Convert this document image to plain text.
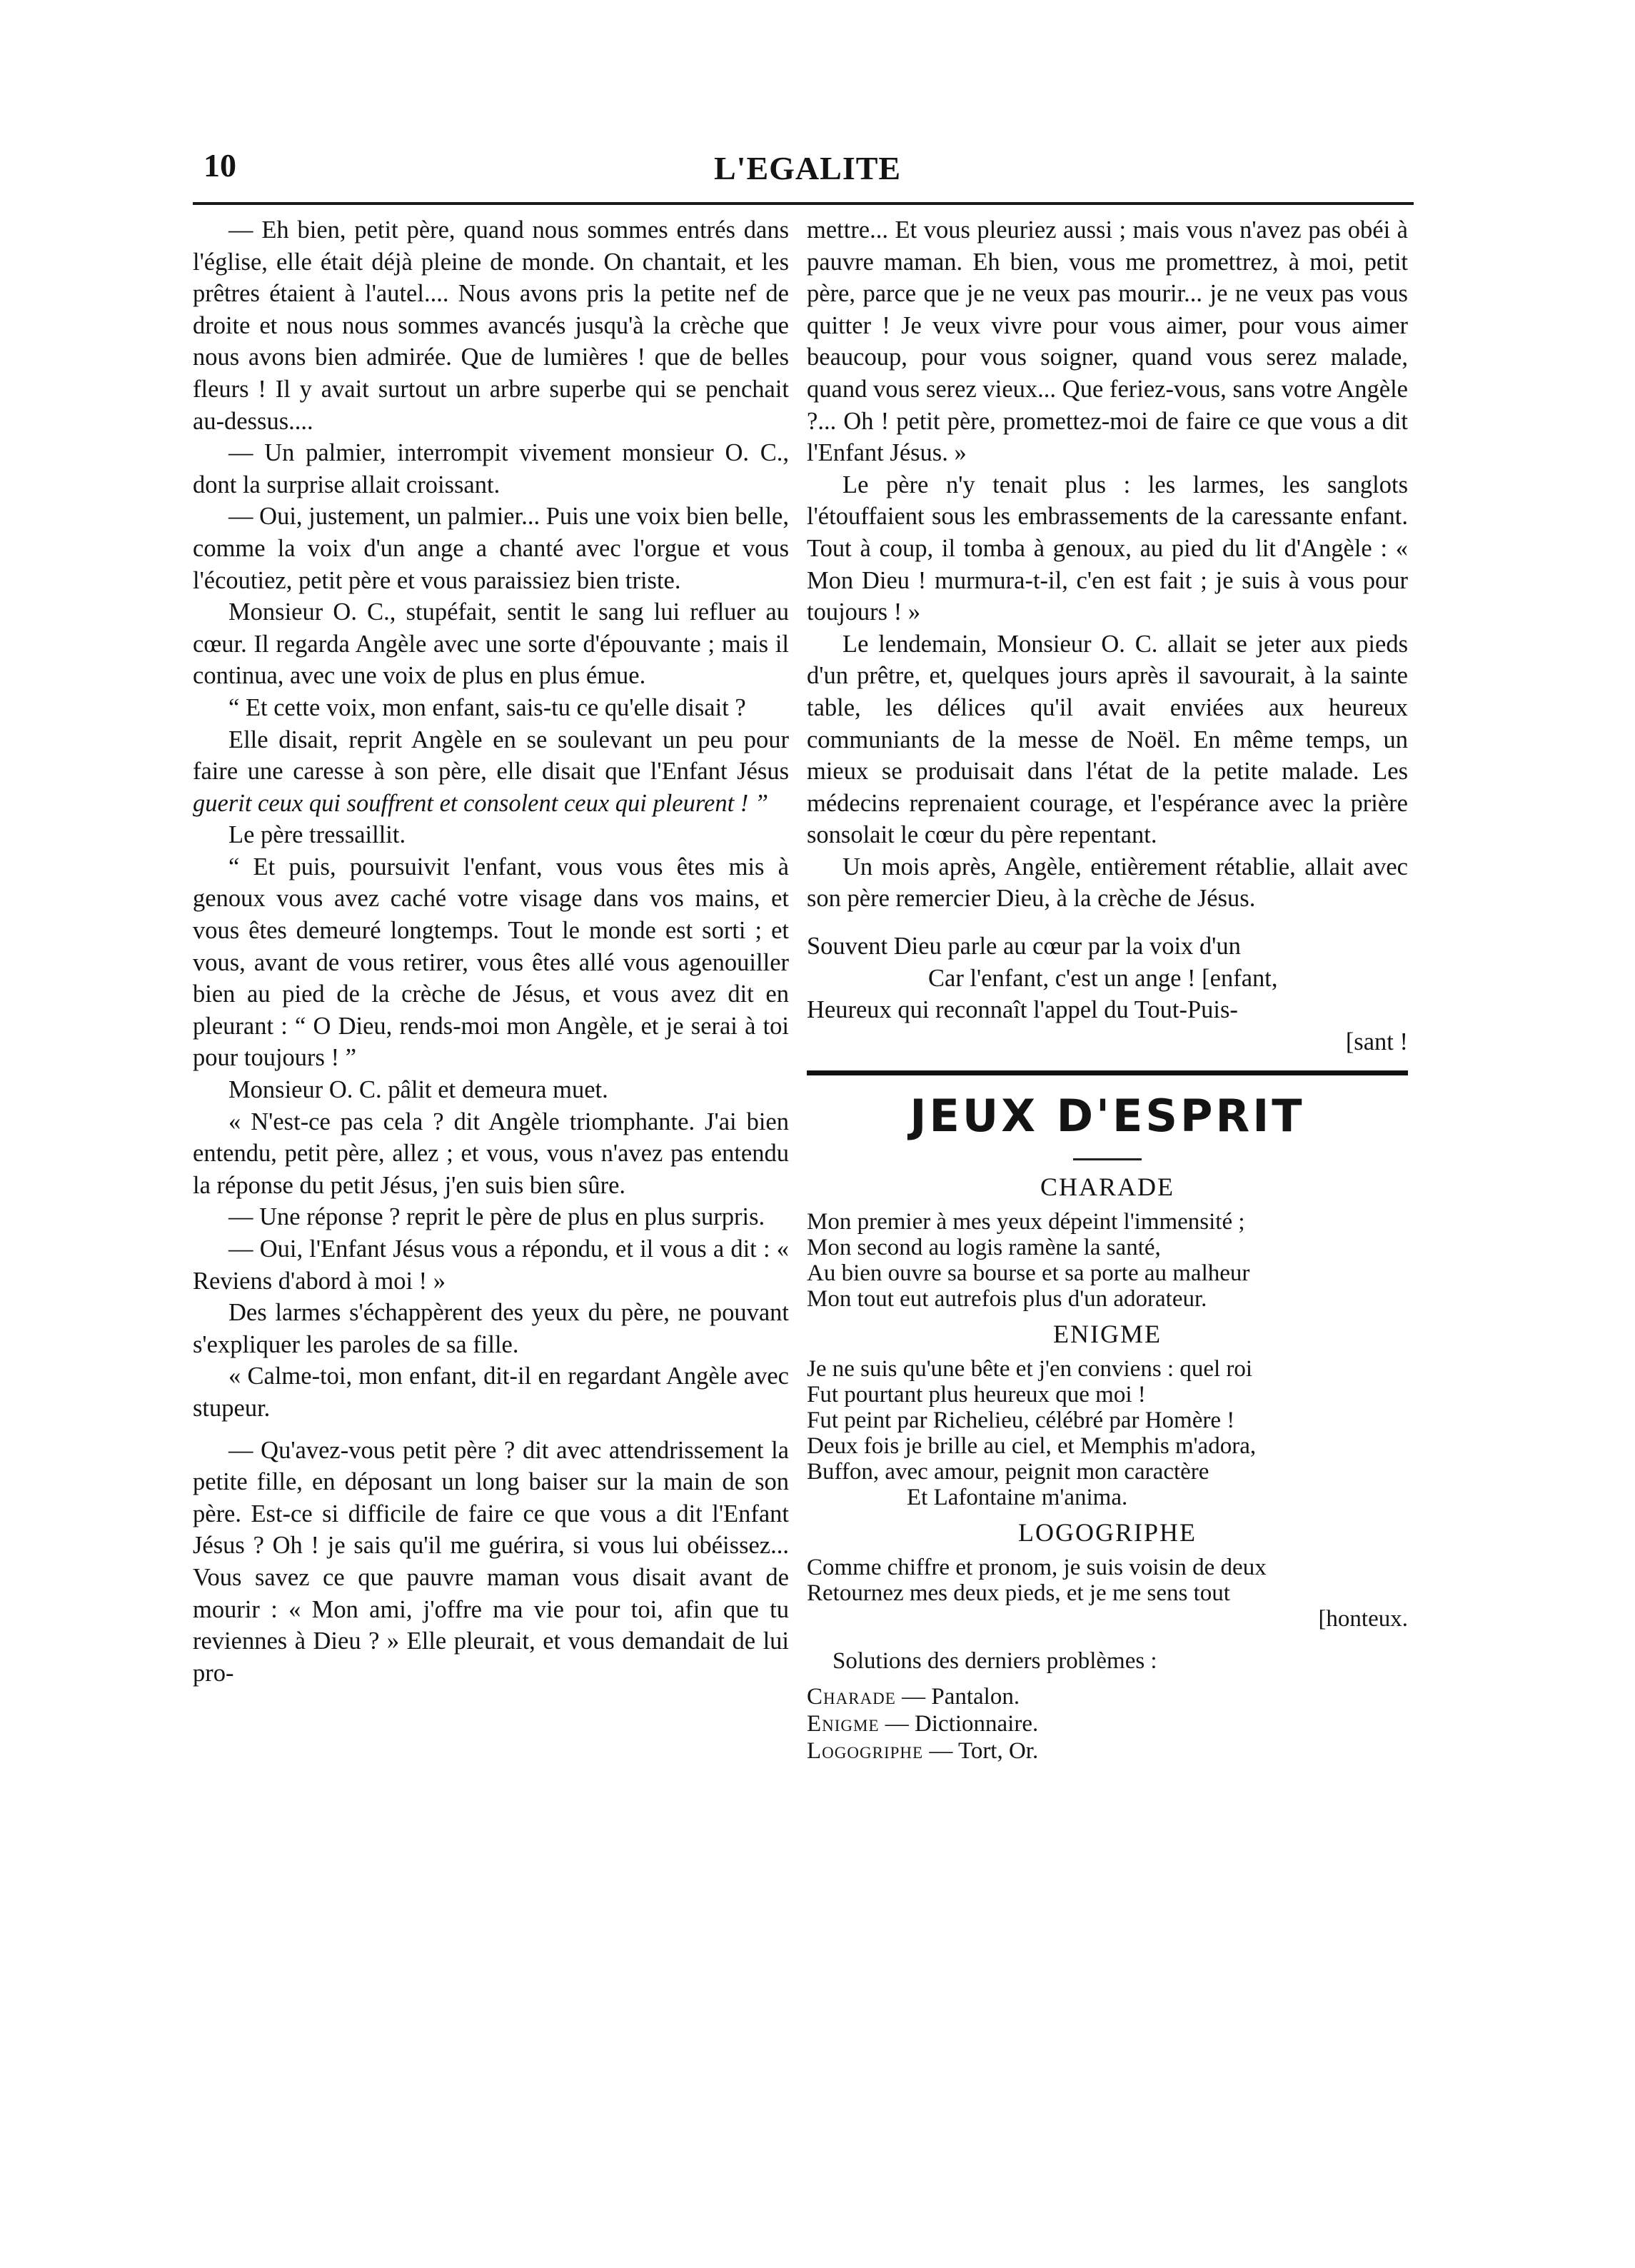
10	L'EGALITE

— Eh bien, petit père, quand nous sommes entrés dans l'église, elle était déjà pleine de monde. On chantait, et les prêtres étaient à l'autel.... Nous avons pris la petite nef de droite et nous nous sommes avancés jusqu'à la crèche que nous avons bien admirée. Que de lumières ! que de belles fleurs ! Il y avait surtout un arbre superbe qui se penchait au-dessus....

— Un palmier, interrompit vivement monsieur O. C., dont la surprise allait croissant.

— Oui, justement, un palmier... Puis une voix bien belle, comme la voix d'un ange a chanté avec l'orgue et vous l'écoutiez, petit père et vous paraissiez bien triste.

Monsieur O. C., stupéfait, sentit le sang lui refluer au cœur. Il regarda Angèle avec une sorte d'épouvante ; mais il continua, avec une voix de plus en plus émue.

“ Et cette voix, mon enfant, sais-tu ce qu'elle disait ?

Elle disait, reprit Angèle en se soulevant un peu pour faire une caresse à son père, elle disait que l'Enfant Jésus guerit ceux qui souffrent et consolent ceux qui pleurent ! ”

Le père tressaillit.

“ Et puis, poursuivit l'enfant, vous vous êtes mis à genoux vous avez caché votre visage dans vos mains, et vous êtes demeuré longtemps. Tout le monde est sorti ; et vous, avant de vous retirer, vous êtes allé vous agenouiller bien au pied de la crèche de Jésus, et vous avez dit en pleurant : “ O Dieu, rends-moi mon Angèle, et je serai à toi pour toujours ! ”

Monsieur O. C. pâlit et demeura muet.

« N'est-ce pas cela ? dit Angèle triomphante. J'ai bien entendu, petit père, allez ; et vous, vous n'avez pas entendu la réponse du petit Jésus, j'en suis bien sûre.

— Une réponse ? reprit le père de plus en plus surpris.

— Oui, l'Enfant Jésus vous a répondu, et il vous a dit : « Reviens d'abord à moi ! »

Des larmes s'échappèrent des yeux du père, ne pouvant s'expliquer les paroles de sa fille.

« Calme-toi, mon enfant, dit-il en regardant Angèle avec stupeur.

— Qu'avez-vous petit père ? dit avec attendrissement la petite fille, en déposant un long baiser sur la main de son père. Est-ce si difficile de faire ce que vous a dit l'Enfant Jésus ? Oh ! je sais qu'il me guérira, si vous lui obéissez... Vous savez ce que pauvre maman vous disait avant de mourir : « Mon ami, j'offre ma vie pour toi, afin que tu reviennes à Dieu ? » Elle pleurait, et vous demandait de lui pro-

mettre... Et vous pleuriez aussi ; mais vous n'avez pas obéi à pauvre maman. Eh bien, vous me promettrez, à moi, petit père, parce que je ne veux pas mourir... je ne veux pas vous quitter ! Je veux vivre pour vous aimer, pour vous aimer beaucoup, pour vous soigner, quand vous serez malade, quand vous serez vieux... Que feriez-vous, sans votre Angèle ?... Oh ! petit père, promettez-moi de faire ce que vous a dit l'Enfant Jésus. »

Le père n'y tenait plus : les larmes, les sanglots l'étouffaient sous les embrassements de la caressante enfant. Tout à coup, il tomba à genoux, au pied du lit d'Angèle : « Mon Dieu ! murmura-t-il, c'en est fait ; je suis à vous pour toujours ! »

Le lendemain, Monsieur O. C. allait se jeter aux pieds d'un prêtre, et, quelques jours après il savourait, à la sainte table, les délices qu'il avait enviées aux heureux communiants de la messe de Noël. En même temps, un mieux se produisait dans l'état de la petite malade. Les médecins reprenaient courage, et l'espérance avec la prière sonsolait le cœur du père repentant.

Un mois après, Angèle, entièrement rétablie, allait avec son père remercier Dieu, à la crèche de Jésus.

Souvent Dieu parle au cœur par la voix d'un
Car l'enfant, c'est un ange ! [enfant,
Heureux qui reconnaît l'appel du Tout-Puis-
[sant !
JEUX D'ESPRIT
CHARADE
Mon premier à mes yeux dépeint l'immensité ;
Mon second au logis ramène la santé,
Au bien ouvre sa bourse et sa porte au malheur
Mon tout eut autrefois plus d'un adorateur.
ENIGME
Je ne suis qu'une bête et j'en conviens : quel roi
Fut pourtant plus heureux que moi !
Fut peint par Richelieu, célébré par Homère !
Deux fois je brille au ciel, et Memphis m'adora,
Buffon, avec amour, peignit mon caractère
Et Lafontaine m'anima.
LOGOGRIPHE
Comme chiffre et pronom, je suis voisin de deux
Retournez mes deux pieds, et je me sens tout
[honteux.
Solutions des derniers problèmes :
Charade — Pantalon.
Enigme — Dictionnaire.
Logogriphe — Tort, Or.
